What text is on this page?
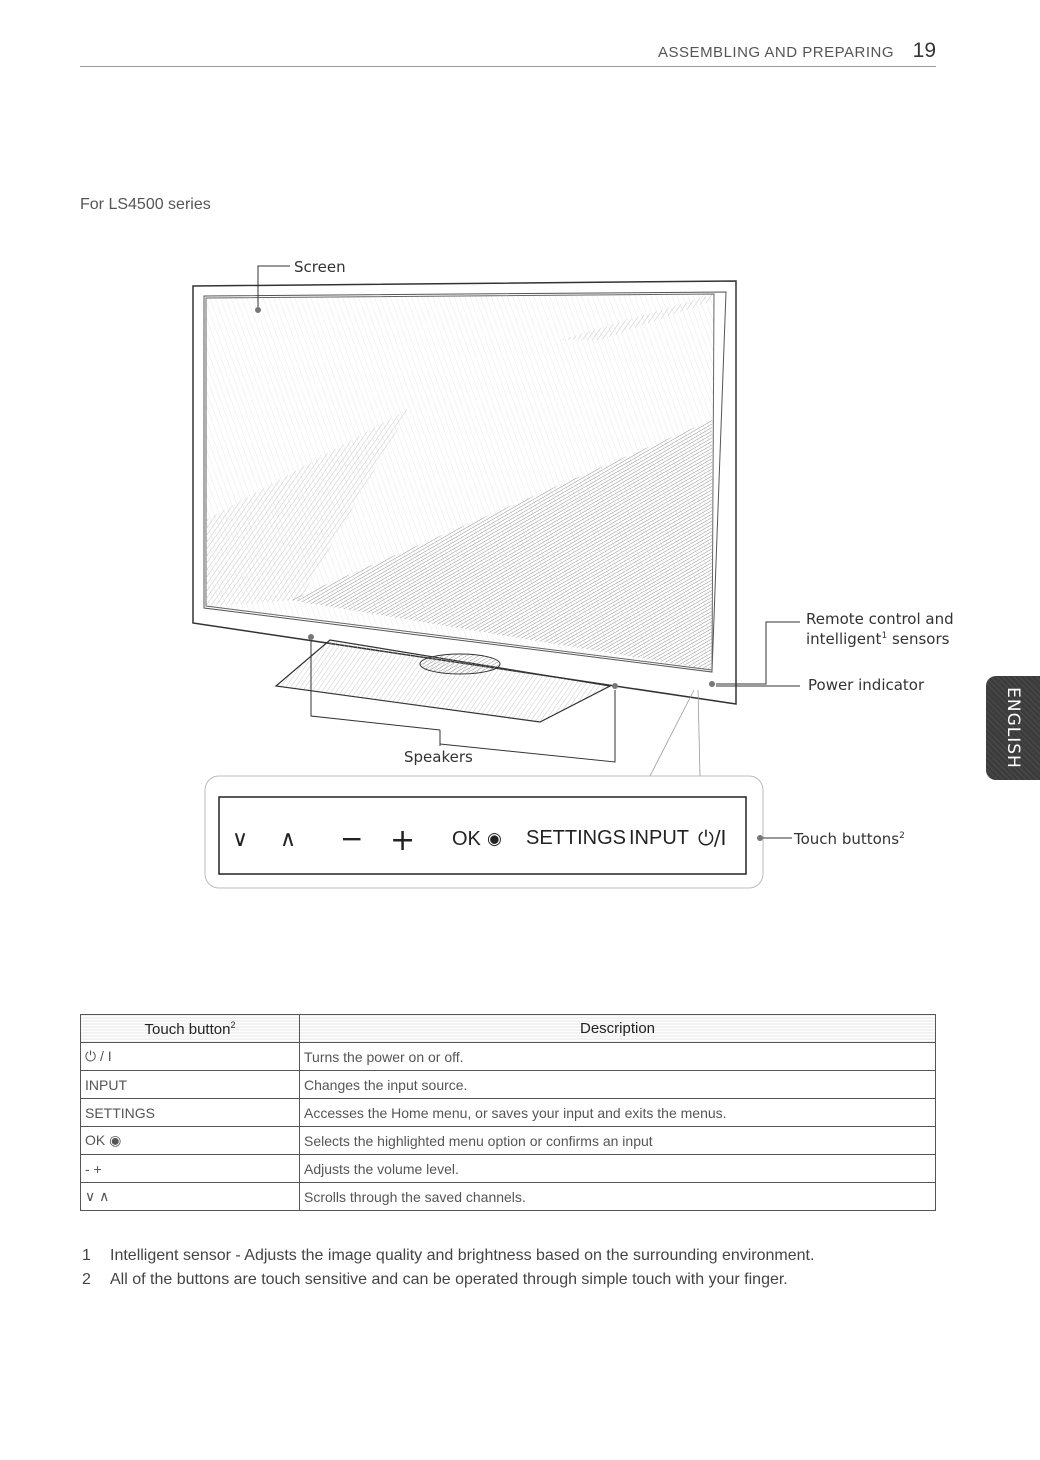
ASSEMBLING AND PREPARING 19
For LS4500 series
Screen
Remote control and
intelligent$^1$ sensors
Power indicator
Speakers
∨ ∧ − + OK ◉ SETTINGS INPUT ⏻/I	Touch buttons$^2$
ENGLISH
Touch button$^2$	Description
⏻ / I	Turns the power on or off.
INPUT	Changes the input source.
SETTINGS	Accesses the Home menu, or saves your input and exits the menus.
OK ◉	Selects the highlighted menu option or confirms an input
- +	Adjusts the volume level.
∨ ∧	Scrolls through the saved channels.
1	Intelligent sensor - Adjusts the image quality and brightness based on the surrounding environment.
2	All of the buttons are touch sensitive and can be operated through simple touch with your finger.
